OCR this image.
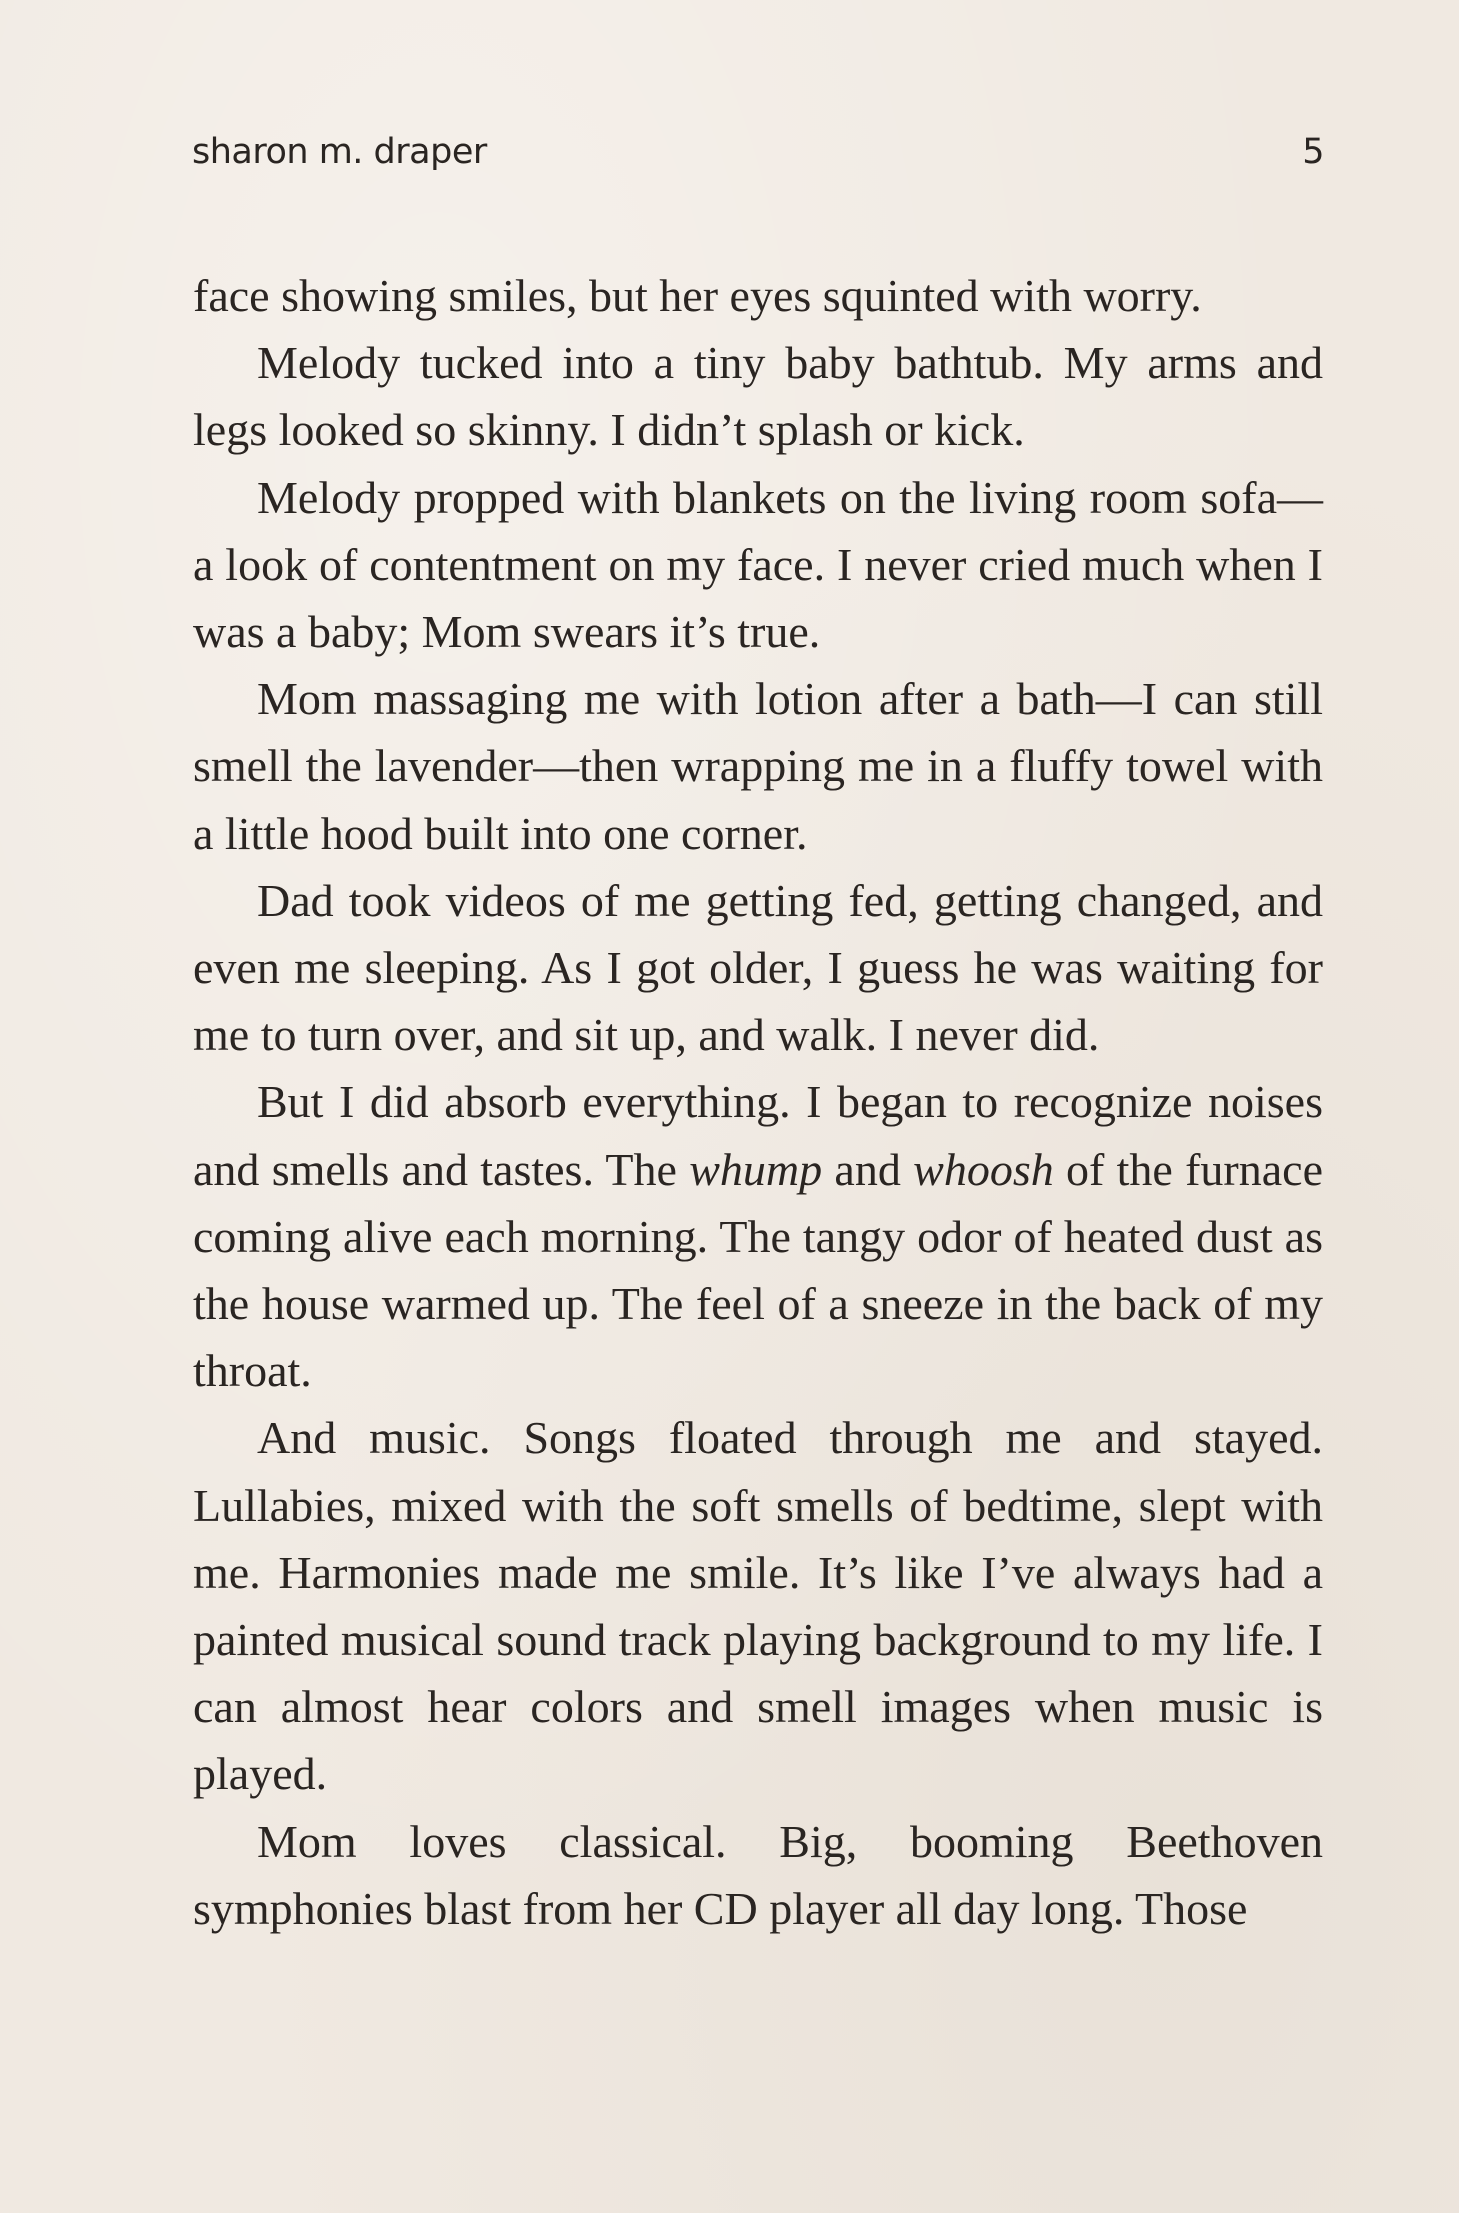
sharon m. draper	5

face showing smiles, but her eyes squinted with worry.

Melody tucked into a tiny baby bathtub. My arms and legs looked so skinny. I didn’t splash or kick.

Melody propped with blankets on the living room sofa—a look of contentment on my face. I never cried much when I was a baby; Mom swears it’s true.

Mom massaging me with lotion after a bath—I can still smell the lavender—then wrapping me in a fluffy towel with a little hood built into one corner.

Dad took videos of me getting fed, getting changed, and even me sleeping. As I got older, I guess he was waiting for me to turn over, and sit up, and walk. I never did.

But I did absorb everything. I began to recognize noises and smells and tastes. The whump and whoosh of the furnace coming alive each morning. The tangy odor of heated dust as the house warmed up. The feel of a sneeze in the back of my throat.

And music. Songs floated through me and stayed. Lullabies, mixed with the soft smells of bedtime, slept with me. Harmonies made me smile. It’s like I’ve always had a painted musical sound track playing background to my life. I can almost hear colors and smell images when music is played.

Mom loves classical. Big, booming Beethoven symphonies blast from her CD player all day long. Those
